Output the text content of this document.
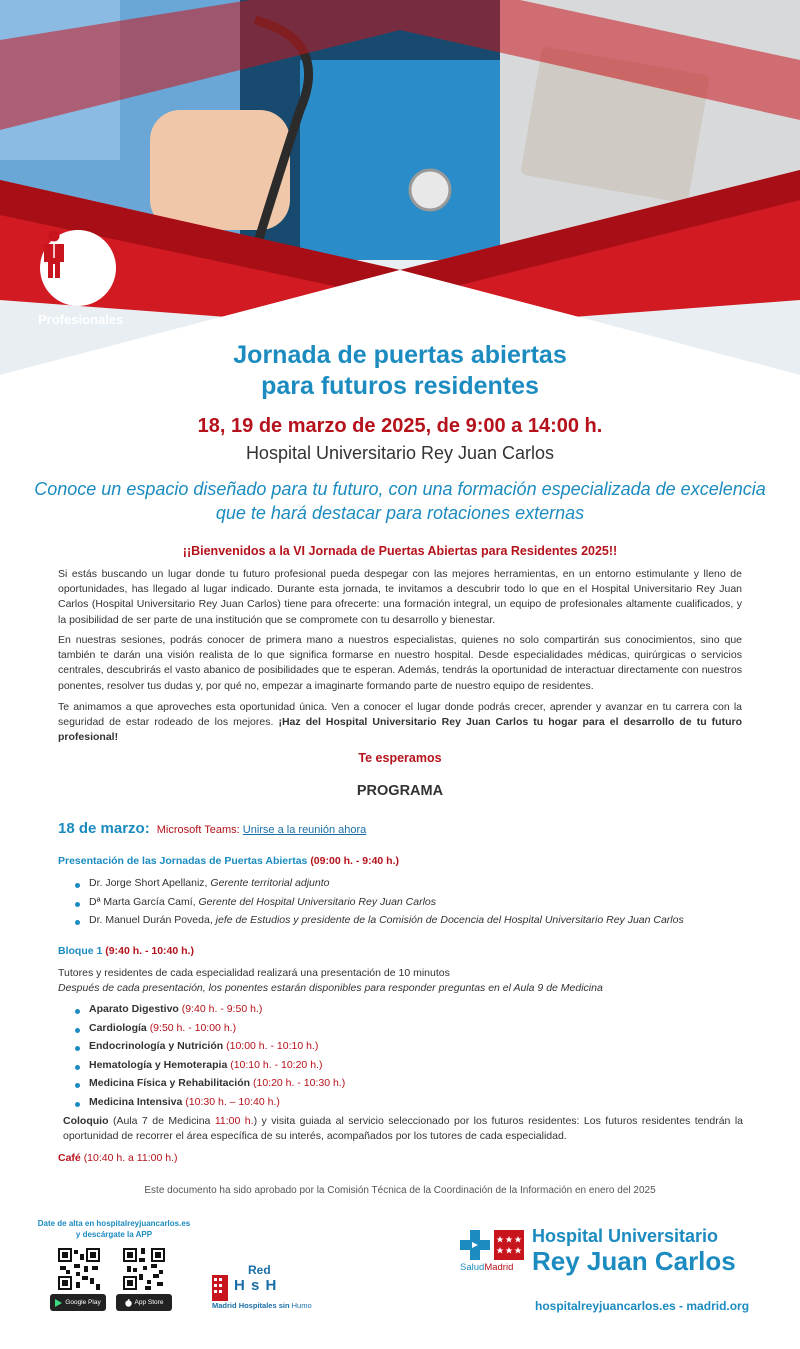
Profesionales
Jornada de puertas abiertas
para futuros residentes
18, 19 de marzo de 2025, de 9:00 a 14:00 h.
Hospital Universitario Rey Juan Carlos
Conoce un espacio diseñado para tu futuro, con una formación especializada de excelencia que te hará destacar para rotaciones externas
¡¡Bienvenidos a la VI Jornada de Puertas Abiertas para Residentes 2025!!

Si estás buscando un lugar donde tu futuro profesional pueda despegar con las mejores herramientas, en un entorno estimulante y lleno de oportunidades, has llegado al lugar indicado. Durante esta jornada, te invitamos a descubrir todo lo que en el Hospital Universitario Rey Juan Carlos (Hospital Universitario Rey Juan Carlos) tiene para ofrecerte: una formación integral, un equipo de profesionales altamente cualificados, y la posibilidad de ser parte de una institución que se compromete con tu desarrollo y bienestar.

En nuestras sesiones, podrás conocer de primera mano a nuestros especialistas, quienes no solo compartirán sus conocimientos, sino que también te darán una visión realista de lo que significa formarse en nuestro hospital. Desde especialidades médicas, quirúrgicas o servicios centrales, descubrirás el vasto abanico de posibilidades que te esperan. Además, tendrás la oportunidad de interactuar directamente con nuestros ponentes, resolver tus dudas y, por qué no, empezar a imaginarte formando parte de nuestro equipo de residentes.

Te animamos a que aproveches esta oportunidad única. Ven a conocer el lugar donde podrás crecer, aprender y avanzar en tu carrera con la seguridad de estar rodeado de los mejores. ¡Haz del Hospital Universitario Rey Juan Carlos tu hogar para el desarrollo de tu futuro profesional!

Te esperamos
PROGRAMA
18 de marzo: Microsoft Teams: Unirse a la reunión ahora
Presentación de las Jornadas de Puertas Abiertas (09:00 h. - 9:40 h.)
Dr. Jorge Short Apellaniz, Gerente territorial adjunto
Dª Marta García Camí, Gerente del Hospital Universitario Rey Juan Carlos
Dr. Manuel Durán Poveda, jefe de Estudios y presidente de la Comisión de Docencia del Hospital Universitario Rey Juan Carlos
Bloque 1 (9:40 h. - 10:40 h.)
Tutores y residentes de cada especialidad realizará una presentación de 10 minutos
Después de cada presentación, los ponentes estarán disponibles para responder preguntas en el Aula 9 de Medicina
Aparato Digestivo (9:40 h. - 9:50 h.)
Cardiología (9:50 h. - 10:00 h.)
Endocrinología y Nutrición (10:00 h. - 10:10 h.)
Hematología y Hemoterapia (10:10 h. - 10:20 h.)
Medicina Física y Rehabilitación (10:20 h. - 10:30 h.)
Medicina Intensiva (10:30 h. – 10:40 h.)
Coloquio (Aula 7 de Medicina 11:00 h.) y visita guiada al servicio seleccionado por los futuros residentes: Los futuros residentes tendrán la oportunidad de recorrer el área específica de su interés, acompañados por los tutores de cada especialidad.
Café (10:40 h. a 11:00 h.)
Este documento ha sido aprobado por la Comisión Técnica de la Coordinación de la Información en enero del 2025
Date de alta en hospitalreyjuancarlos.es
y descárgate la APP
Google Play	App Store
Red
H s H
Madrid Hospitales sin Humo
SaludMadrid
Hospital Universitario
Rey Juan Carlos
hospitalreyjuancarlos.es - madrid.org
